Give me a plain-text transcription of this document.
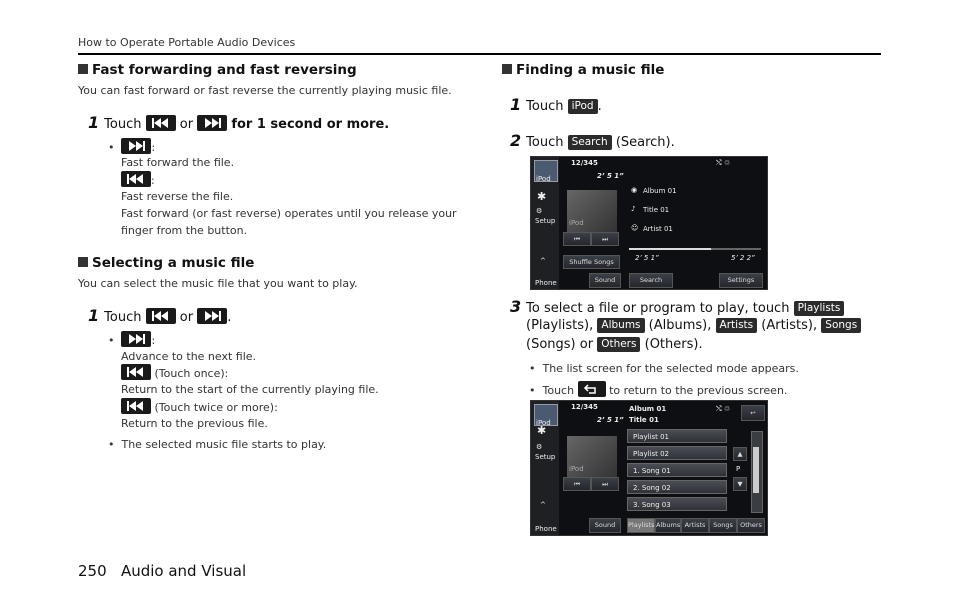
How to Operate Portable Audio Devices
Fast forwarding and fast reversing
You can fast forward or fast reverse the currently playing music file.
1 Touch	or	for 1 second or more.
•	:
Fast forward the file.
:
Fast reverse the file.
Fast forward (or fast reverse) operates until you release your
finger from the button.
Selecting a music file
You can select the music file that you want to play.
1 Touch	or	.
•	:
Advance to the next file.
(Touch once):
Return to the start of the currently playing file.
(Touch twice or more):
Return to the previous file.
•  The selected music file starts to play.
Finding a music file
1 Touch iPod .
2 Touch Search (Search).
iPod
✱
⚙
Setup
^
Phone
12/345
2’ 5 1”
iPod
⏮	⏭
⤭ ♲
◉ Album 01
♪ Title 01
☺ Artist 01
2’ 5 1”	5’ 2 2”
Shuffle Songs
Sound	Search	Settings
3 To select a file or program to play, touch Playlists
(Playlists), Albums (Albums), Artists (Artists), Songs
(Songs) or Others (Others).
•  The list screen for the selected mode appears.
•  Touch	to return to the previous screen.
iPod
✱
⚙
Setup
^
Phone
12/345
2’ 5 1”
Album 01
Title 01
⤭ ♲	↩
iPod
⏮	⏭
Playlist 01
Playlist 02
1. Song 01
2. Song 02
3. Song 03
▲
P
▼
Sound	Playlists Albums Artists	Songs	Others
250 Audio and Visual
